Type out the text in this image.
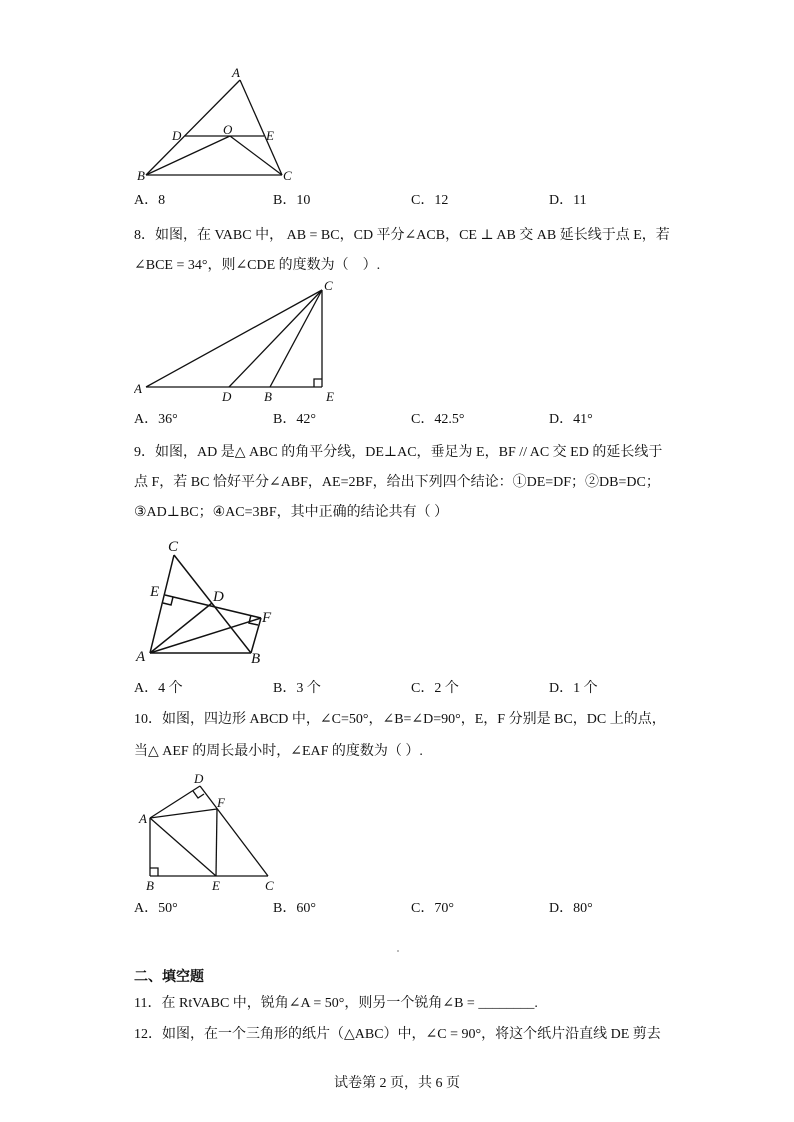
A
D	O	E
B	C
A．8	B．10	C．12	D．11
8．如图，在 VABC 中， AB = BC，CD 平分∠ACB，CE ⊥ AB 交 AB 延长线于点 E，若
∠BCE = 34°，则∠CDE 的度数为（　）.
C
A
D	B	E
A．36°	B．42°	C．42.5°	D．41°
9．如图，AD 是△ ABC 的角平分线，DE⊥AC，垂足为 E，BF // AC 交 ED 的延长线于
点 F，若 BC 恰好平分∠ABF，AE=2BF，给出下列四个结论：①DE=DF；②DB=DC；
③AD⊥BC；④AC=3BF，其中正确的结论共有（ ）
C
E	D
F
A	B
A．4 个	B．3 个	C．2 个	D．1 个
10．如图，四边形 ABCD 中，∠C=50°，∠B=∠D=90°，E，F 分别是 BC，DC 上的点，
当△ AEF 的周长最小时，∠EAF 的度数为（ ）.
D
F
A
B	E	C
A．50°	B．60°	C．70°	D．80°
二、填空题
11．在 RtVABC 中，锐角∠A = 50°，则另一个锐角∠B = ________.
12．如图，在一个三角形的纸片（△ABC）中，∠C = 90°，将这个纸片沿直线 DE 剪去
试卷第 2 页，共 6 页
